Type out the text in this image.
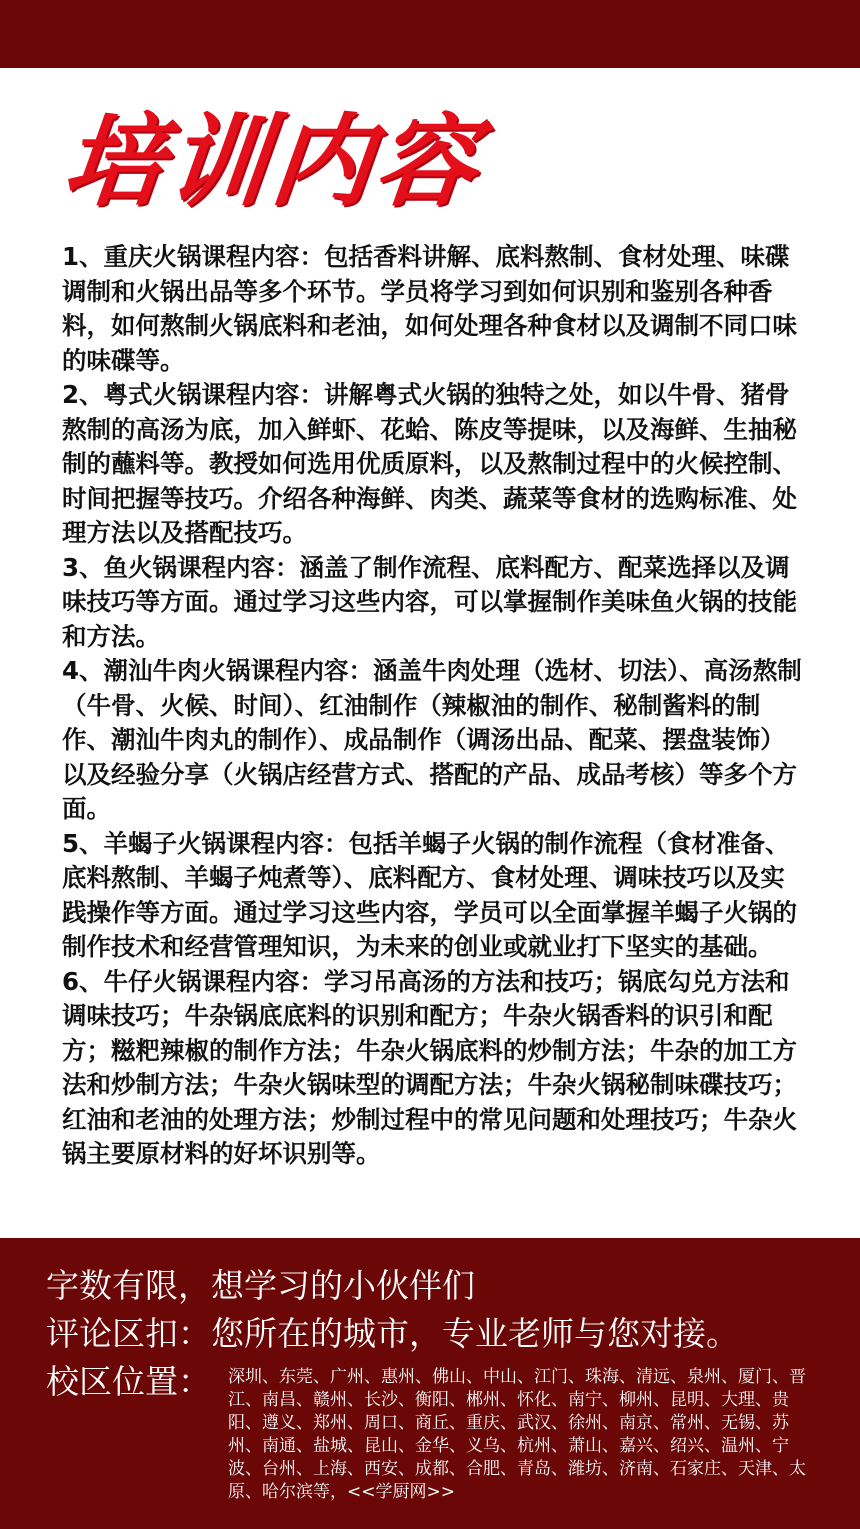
培训内容

1、重庆火锅课程内容：包括香料讲解、底料熬制、食材处理、味碟调制和火锅出品等多个环节。学员将学习到如何识别和鉴别各种香料，如何熬制火锅底料和老油，如何处理各种食材以及调制不同口味的味碟等。

2、粤式火锅课程内容：讲解粤式火锅的独特之处，如以牛骨、猪骨熬制的高汤为底，加入鲜虾、花蛤、陈皮等提味，以及海鲜、生抽秘制的蘸料等。教授如何选用优质原料，以及熬制过程中的火候控制、时间把握等技巧。介绍各种海鲜、肉类、蔬菜等食材的选购标准、处理方法以及搭配技巧。

3、鱼火锅课程内容：涵盖了制作流程、底料配方、配菜选择以及调味技巧等方面。通过学习这些内容，可以掌握制作美味鱼火锅的技能和方法。

4、潮汕牛肉火锅课程内容：涵盖牛肉处理（选材、切法）、高汤熬制（牛骨、火候、时间）、红油制作（辣椒油的制作、秘制酱料的制作、潮汕牛肉丸的制作）、成品制作（调汤出品、配菜、摆盘装饰）以及经验分享（火锅店经营方式、搭配的产品、成品考核）等多个方面。

5、羊蝎子火锅课程内容：包括羊蝎子火锅的制作流程（食材准备、底料熬制、羊蝎子炖煮等）、底料配方、食材处理、调味技巧以及实践操作等方面。通过学习这些内容，学员可以全面掌握羊蝎子火锅的制作技术和经营管理知识，为未来的创业或就业打下坚实的基础。

6、牛仔火锅课程内容：学习吊高汤的方法和技巧；锅底勾兑方法和调味技巧；牛杂锅底底料的识别和配方；牛杂火锅香料的识引和配方；糍粑辣椒的制作方法；牛杂火锅底料的炒制方法；牛杂的加工方法和炒制方法；牛杂火锅味型的调配方法；牛杂火锅秘制味碟技巧；红油和老油的处理方法；炒制过程中的常见问题和处理技巧；牛杂火锅主要原材料的好坏识别等。

字数有限，想学习的小伙伴们
评论区扣：您所在的城市，专业老师与您对接。
校区位置： 深圳、东莞、广州、惠州、佛山、中山、江门、珠海、清远、泉州、厦门、晋江、南昌、赣州、长沙、衡阳、郴州、怀化、南宁、柳州、昆明、大理、贵阳、遵义、郑州、周口、商丘、重庆、武汉、徐州、南京、常州、无锡、苏州、南通、盐城、昆山、金华、义乌、杭州、萧山、嘉兴、绍兴、温州、宁波、台州、上海、西安、成都、合肥、青岛、潍坊、济南、石家庄、天津、太原、哈尔滨等，<<学厨网>>
